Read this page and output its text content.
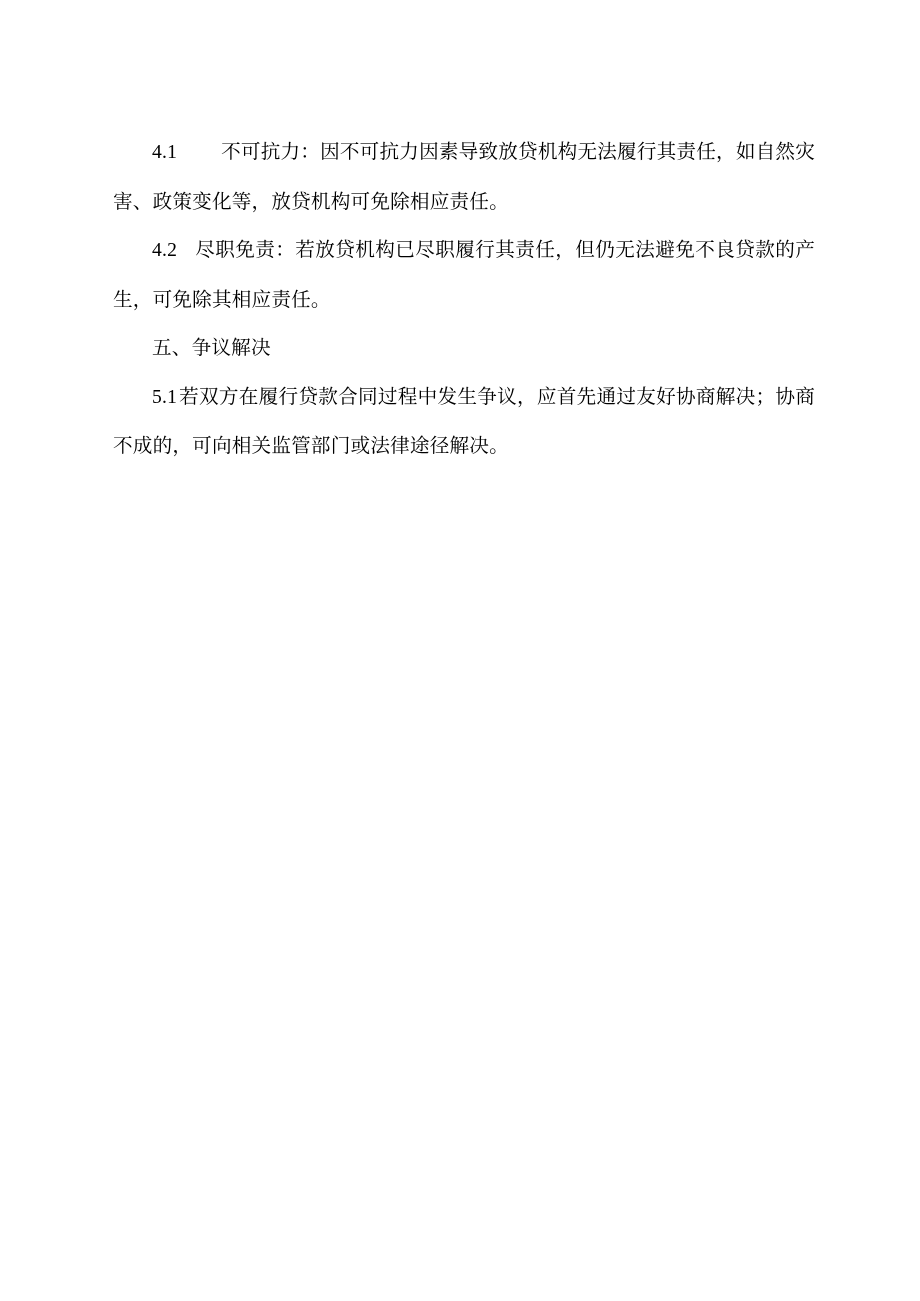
4.1 不可抗力：因不可抗力因素导致放贷机构无法履行其责任，如自然灾害、政策变化等，放贷机构可免除相应责任。

4.2 尽职免责：若放贷机构已尽职履行其责任，但仍无法避免不良贷款的产生，可免除其相应责任。

五、争议解决

5.1 若双方在履行贷款合同过程中发生争议，应首先通过友好协商解决；协商不成的，可向相关监管部门或法律途径解决。
